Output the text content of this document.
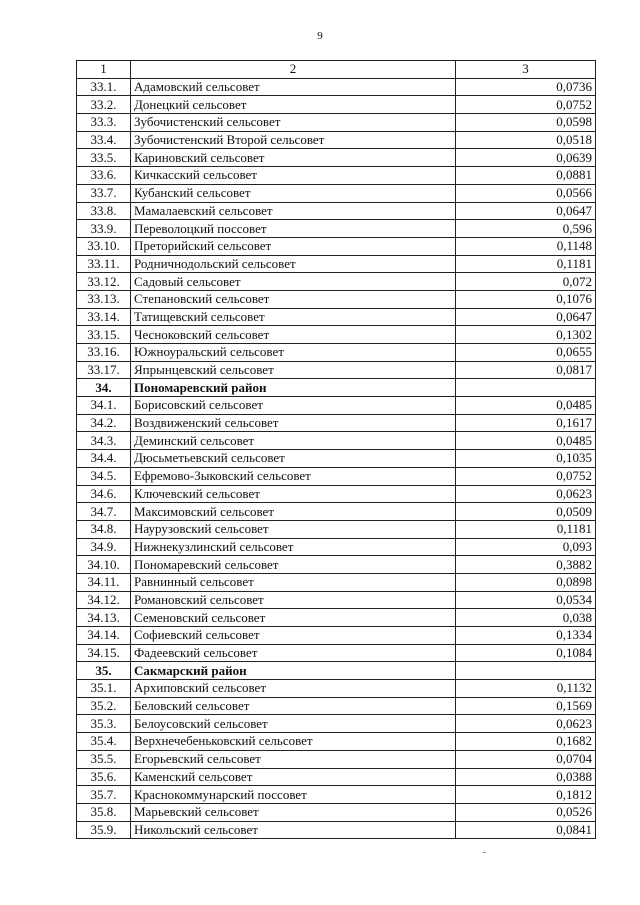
9
1	2	3
33.1.	Адамовский сельсовет	0,0736
33.2.	Донецкий сельсовет	0,0752
33.3.	Зубочистенский сельсовет	0,0598
33.4.	Зубочистенский Второй сельсовет	0,0518
33.5.	Кариновский сельсовет	0,0639
33.6.	Кичкасский сельсовет	0,0881
33.7.	Кубанский сельсовет	0,0566
33.8.	Мамалаевский сельсовет	0,0647
33.9.	Переволоцкий поссовет	0,596
33.10.	Преторийский сельсовет	0,1148
33.11.	Родничнодольский сельсовет	0,1181
33.12.	Садовый сельсовет	0,072
33.13.	Степановский сельсовет	0,1076
33.14.	Татищевский сельсовет	0,0647
33.15.	Чесноковский сельсовет	0,1302
33.16.	Южноуральский сельсовет	0,0655
33.17.	Япрынцевский сельсовет	0,0817
34.	Пономаревский район	
34.1.	Борисовский сельсовет	0,0485
34.2.	Воздвиженский сельсовет	0,1617
34.3.	Деминский сельсовет	0,0485
34.4.	Дюсьметьевский сельсовет	0,1035
34.5.	Ефремово-Зыковский сельсовет	0,0752
34.6.	Ключевский сельсовет	0,0623
34.7.	Максимовский сельсовет	0,0509
34.8.	Наурузовский сельсовет	0,1181
34.9.	Нижнекузлинский сельсовет	0,093
34.10.	Пономаревский сельсовет	0,3882
34.11.	Равнинный сельсовет	0,0898
34.12.	Романовский сельсовет	0,0534
34.13.	Семеновский сельсовет	0,038
34.14.	Софиевский сельсовет	0,1334
34.15.	Фадеевский сельсовет	0,1084
35.	Сакмарский район	
35.1.	Архиповский сельсовет	0,1132
35.2.	Беловский сельсовет	0,1569
35.3.	Белоусовский сельсовет	0,0623
35.4.	Верхнечебеньковский сельсовет	0,1682
35.5.	Егорьевский сельсовет	0,0704
35.6.	Каменский сельсовет	0,0388
35.7.	Краснокоммунарский поссовет	0,1812
35.8.	Марьевский сельсовет	0,0526
35.9.	Никольский сельсовет	0,0841
